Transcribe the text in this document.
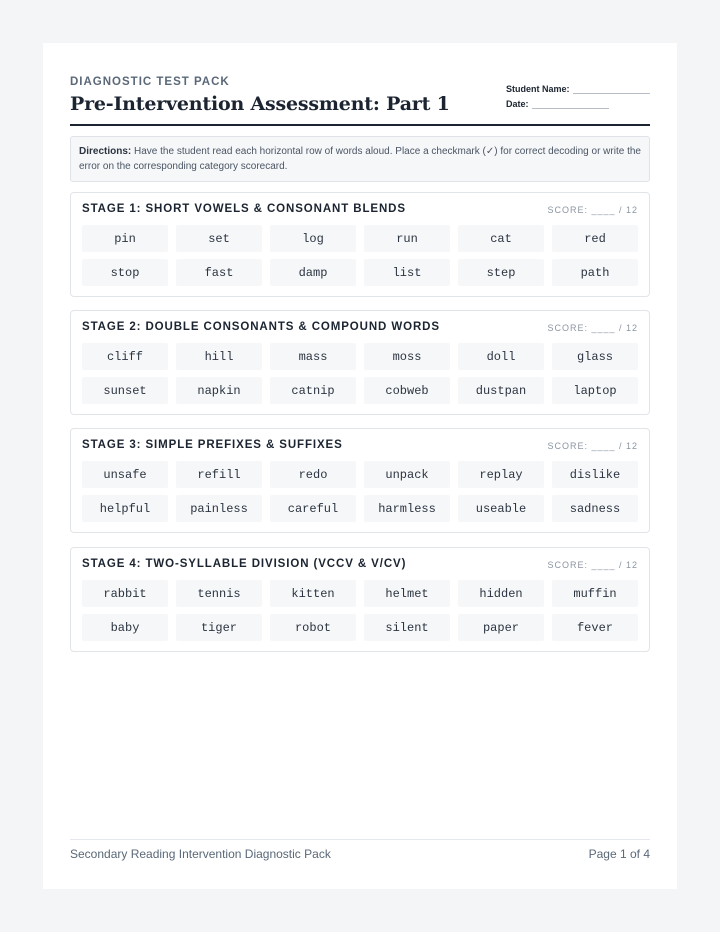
DIAGNOSTIC TEST PACK
Pre-Intervention Assessment: Part 1
Student Name:
Date:
Directions: Have the student read each horizontal row of words aloud. Place a checkmark (✓) for correct decoding or write the error on the corresponding category scorecard.
STAGE 1: SHORT VOWELS & CONSONANT BLENDS	SCORE: ____ / 12
pin	set	log	run	cat	red
stop	fast	damp	list	step	path
STAGE 2: DOUBLE CONSONANTS & COMPOUND WORDS	SCORE: ____ / 12
cliff	hill	mass	moss	doll	glass
sunset	napkin	catnip	cobweb	dustpan	laptop
STAGE 3: SIMPLE PREFIXES & SUFFIXES	SCORE: ____ / 12
unsafe	refill	redo	unpack	replay	dislike
helpful	painless	careful	harmless	useable	sadness
STAGE 4: TWO-SYLLABLE DIVISION (VCCV & V/CV)	SCORE: ____ / 12
rabbit	tennis	kitten	helmet	hidden	muffin
baby	tiger	robot	silent	paper	fever
Secondary Reading Intervention Diagnostic Pack	Page 1 of 4
